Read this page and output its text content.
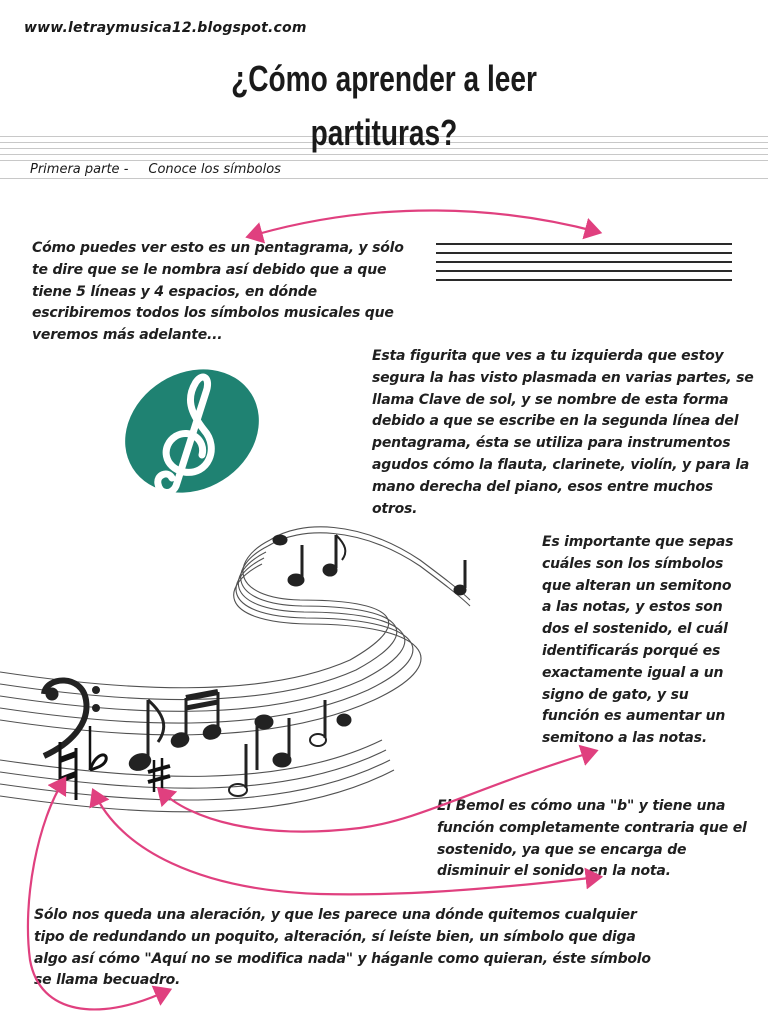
www.letraymusica12.blogspot.com
¿Cómo aprender a leer
partituras?
Primera parte - Conoce los símbolos
Cómo puedes ver esto es un pentagrama, y sólo te dire que se le nombra así debido que a que tiene 5 líneas y 4 espacios, en dónde escribiremos todos los símbolos musicales que veremos más adelante...
Esta figurita que ves a tu izquierda que estoy segura la has visto plasmada en varias partes, se llama Clave de sol, y se nombre de esta forma debido a que se escribe en la segunda línea del pentagrama, ésta se utiliza para instrumentos agudos cómo la flauta, clarinete, violín, y para la mano derecha del piano, esos entre muchos otros.
Es importante que sepas cuáles son los símbolos que alteran un semitono a las notas, y estos son dos el sostenido, el cuál identificarás porqué es exactamente igual a un signo de gato, y su función es aumentar un semitono a las notas.
El Bemol es cómo una "b" y tiene una función completamente contraria que el sostenido, ya que se encarga de disminuir el sonido en la nota.
Sólo nos queda una aleración, y que les parece una dónde quitemos cualquier tipo de redundando un poquito, alteración, sí leíste bien, un símbolo que diga algo así cómo "Aquí no se modifica nada" y háganle como quieran, éste símbolo se llama becuadro.
